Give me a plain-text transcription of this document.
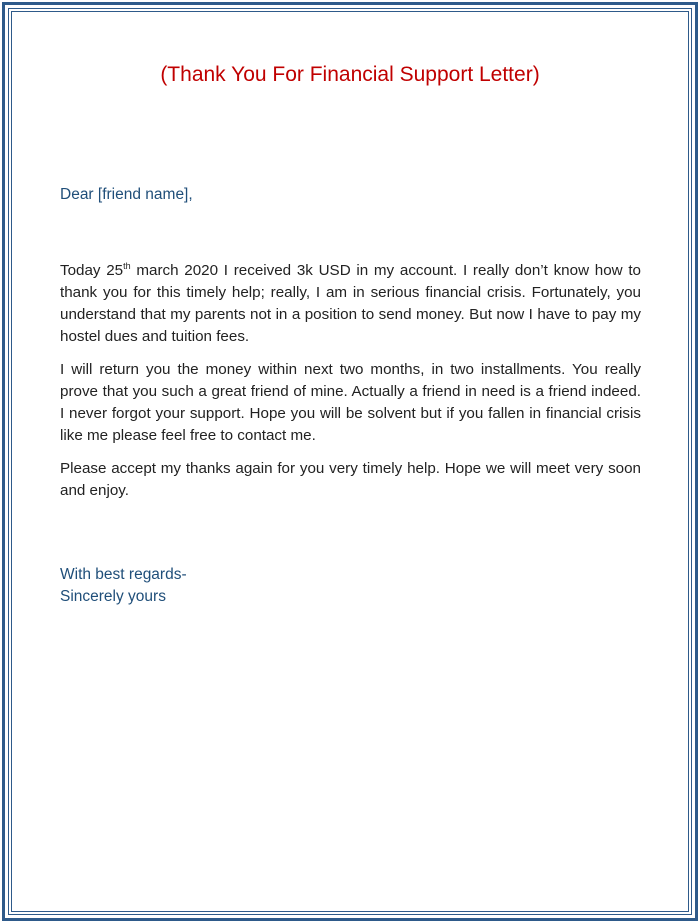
(Thank You For Financial Support Letter)
Dear [friend name],

Today 25th march 2020 I received 3k USD in my account. I really don’t know how to thank you for this timely help; really, I am in serious financial crisis. Fortunately, you understand that my parents not in a position to send money. But now I have to pay my hostel dues and tuition fees.

I will return you the money within next two months, in two installments. You really prove that you such a great friend of mine. Actually a friend in need is a friend indeed. I never forgot your support. Hope you will be solvent but if you fallen in financial crisis like me please feel free to contact me.

Please accept my thanks again for you very timely help. Hope we will meet very soon and enjoy.

With best regards-
Sincerely yours
